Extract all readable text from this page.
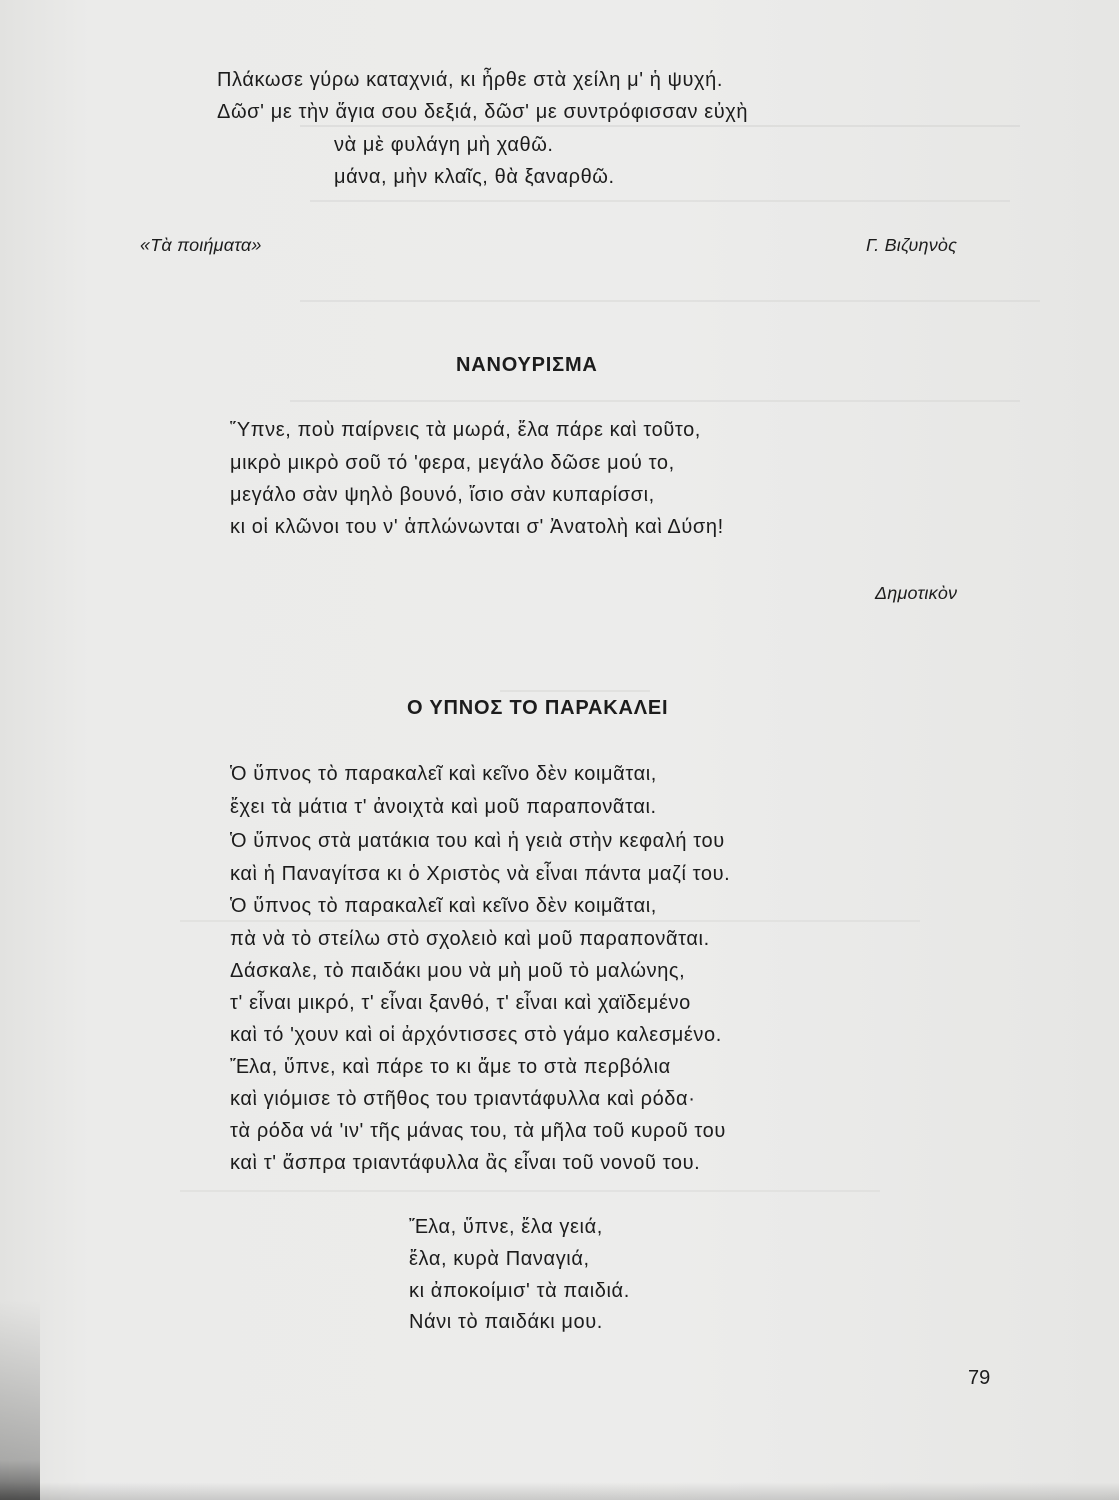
Πλάκωσε γύρω καταχνιά, κι ἦρθε στὰ χείλη μ' ἡ ψυχή.
Δῶσ' με τὴν ἅγια σου δεξιά, δῶσ' με συντρόφισσαν εὐχὴ
νὰ μὲ φυλάγη μὴ χαθῶ.
μάνα, μὴν κλαῖς, θὰ ξαναρθῶ.
«Τὰ ποιήματα»	Γ. Βιζυηνὸς
ΝΑΝΟΥΡΙΣΜΑ
Ὕπνε, ποὺ παίρνεις τὰ μωρά, ἔλα πάρε καὶ τοῦτο,
μικρὸ μικρὸ σοῦ τό 'φερα, μεγάλο δῶσε μού το,
μεγάλο σὰν ψηλὸ βουνό, ἴσιο σὰν κυπαρίσσι,
κι οἱ κλῶνοι του ν' ἁπλώνωνται σ' Ἀνατολὴ καὶ Δύση!
Δημοτικὸν
Ο ΥΠΝΟΣ ΤΟ ΠΑΡΑΚΑΛΕΙ
Ὁ ὕπνος τὸ παρακαλεῖ καὶ κεῖνο δὲν κοιμᾶται,
ἔχει τὰ μάτια τ' ἀνοιχτὰ καὶ μοῦ παραπονᾶται.
Ὁ ὕπνος στὰ ματάκια του καὶ ἡ γειὰ στὴν κεφαλή του
καὶ ἡ Παναγίτσα κι ὁ Χριστὸς νὰ εἶναι πάντα μαζί του.
Ὁ ὕπνος τὸ παρακαλεῖ καὶ κεῖνο δὲν κοιμᾶται,
πὰ νὰ τὸ στείλω στὸ σχολειὸ καὶ μοῦ παραπονᾶται.
Δάσκαλε, τὸ παιδάκι μου νὰ μὴ μοῦ τὸ μαλώνης,
τ' εἶναι μικρό, τ' εἶναι ξανθό, τ' εἶναι καὶ χαϊδεμένο
καὶ τό 'χουν καὶ οἱ ἀρχόντισσες στὸ γάμο καλεσμένο.
Ἔλα, ὕπνε, καὶ πάρε το κι ἄμε το στὰ περβόλια
καὶ γιόμισε τὸ στῆθος του τριαντάφυλλα καὶ ρόδα·
τὰ ρόδα νά 'ιν' τῆς μάνας του, τὰ μῆλα τοῦ κυροῦ του
καὶ τ' ἄσπρα τριαντάφυλλα ἂς εἶναι τοῦ νονοῦ του.
Ἔλα, ὕπνε, ἔλα γειά,
ἔλα, κυρὰ Παναγιά,
κι ἀποκοίμισ' τὰ παιδιά.
Νάνι τὸ παιδάκι μου.
79
